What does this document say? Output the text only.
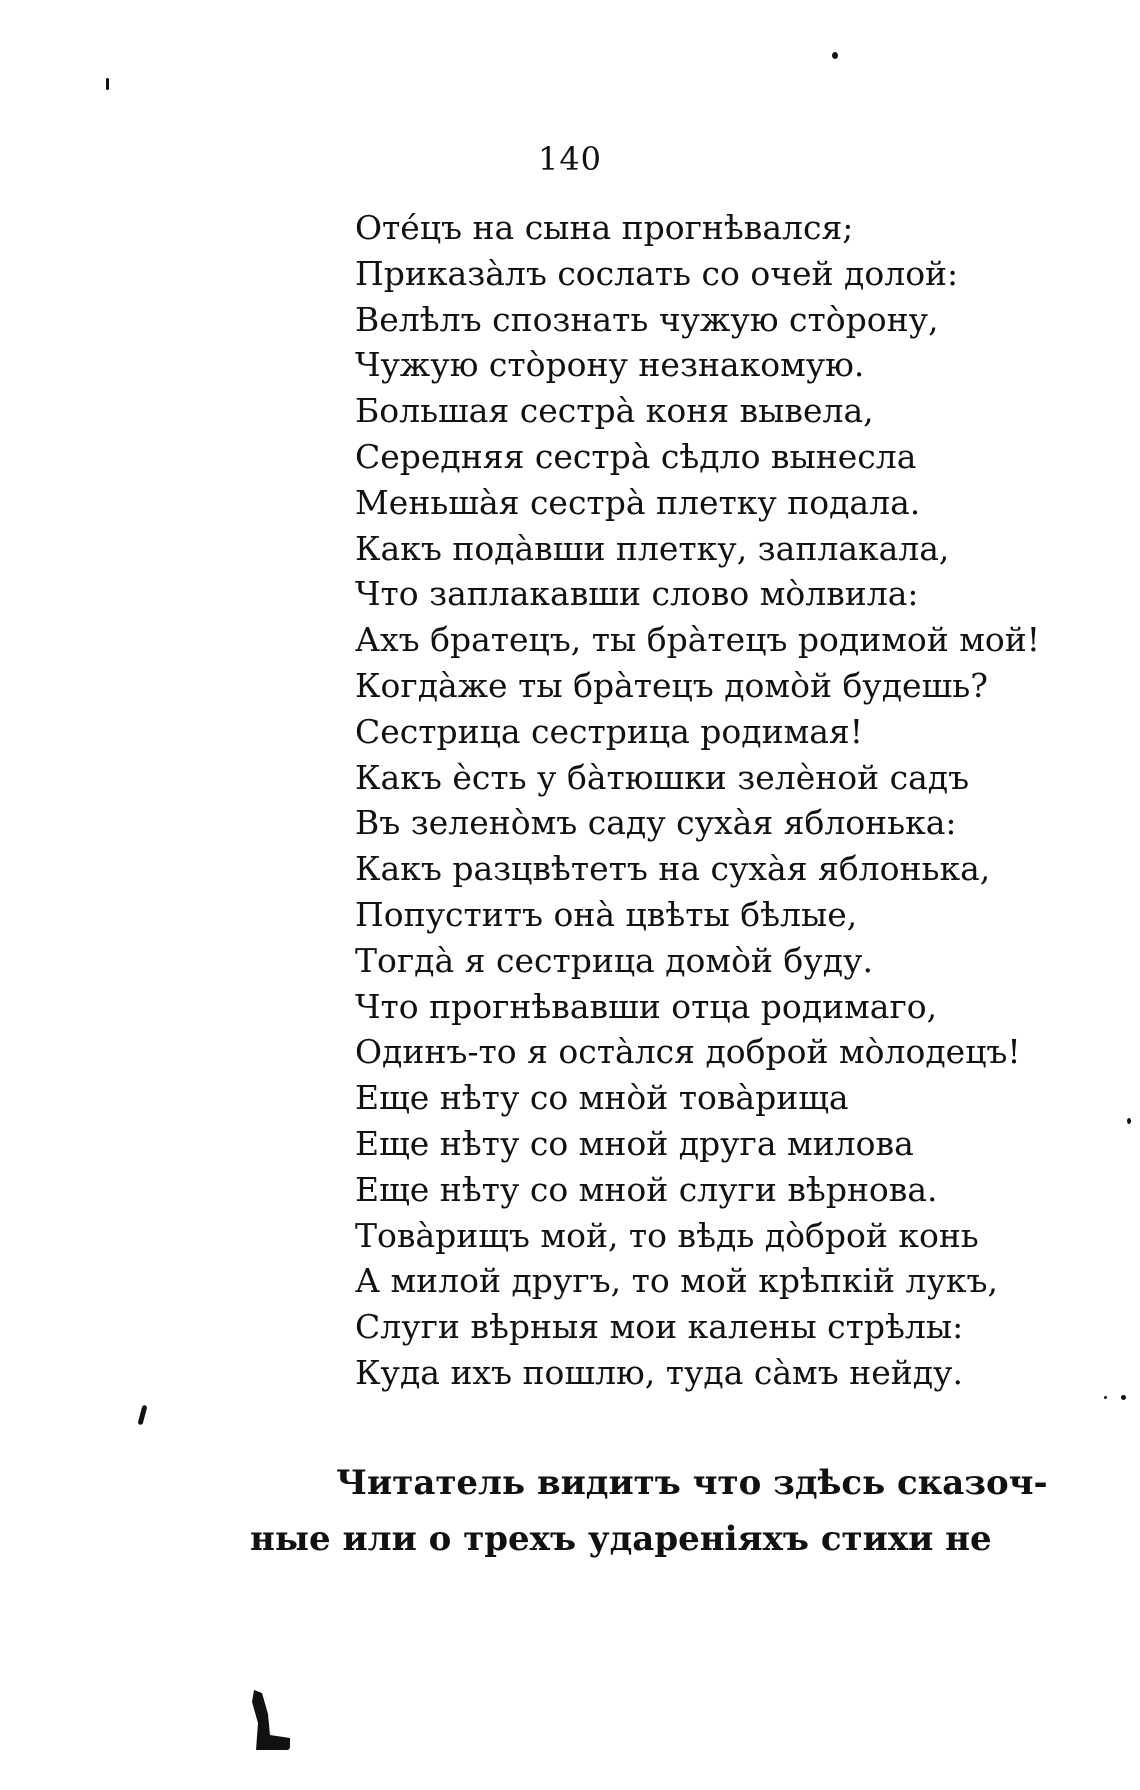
140

Оте́цъ на сына прогнѣвался;

Приказа̀лъ сослать со очей долой:

Велѣлъ спознать чужую сто̀рону,

Чужую сто̀рону незнакомую.

Большая сестра̀ коня вывела,

Середняя сестра̀ сѣдло вынесла

Меньша̀я сестра̀ плетку подала.

Какъ пода̀вши плетку, заплакала,

Что заплакавши слово мо̀лвила:

Ахъ братецъ, ты бра̀тецъ родимой мой!

Когда̀же ты бра̀тецъ домо̀й будешь?

Сестрица сестрица родимая!

Какъ ѐсть у ба̀тюшки зелѐной садъ

Въ зелено̀мъ саду суха̀я яблонька:

Какъ разцвѣтетъ на суха̀я яблонька,

Попуститъ она̀ цвѣты бѣлые,

Тогда̀ я сестрица домо̀й буду.

Что прогнѣвавши отца родимаго,

Одинъ-то я оста̀лся доброй мо̀лодецъ!

Еще нѣту со мно̀й това̀рища

Еще нѣту со мной друга милова

Еще нѣту со мной слуги вѣрнова.

Това̀рищъ мой, то вѣдь до̀брой конь

А милой другъ, то мой крѣпкій лукъ,

Слуги вѣрныя мои калены стрѣлы:

Куда ихъ пошлю, туда са̀мъ нейду.

Читатель видитъ что здѣсь сказоч-

ные или о трехъ удареніяхъ стихи не
